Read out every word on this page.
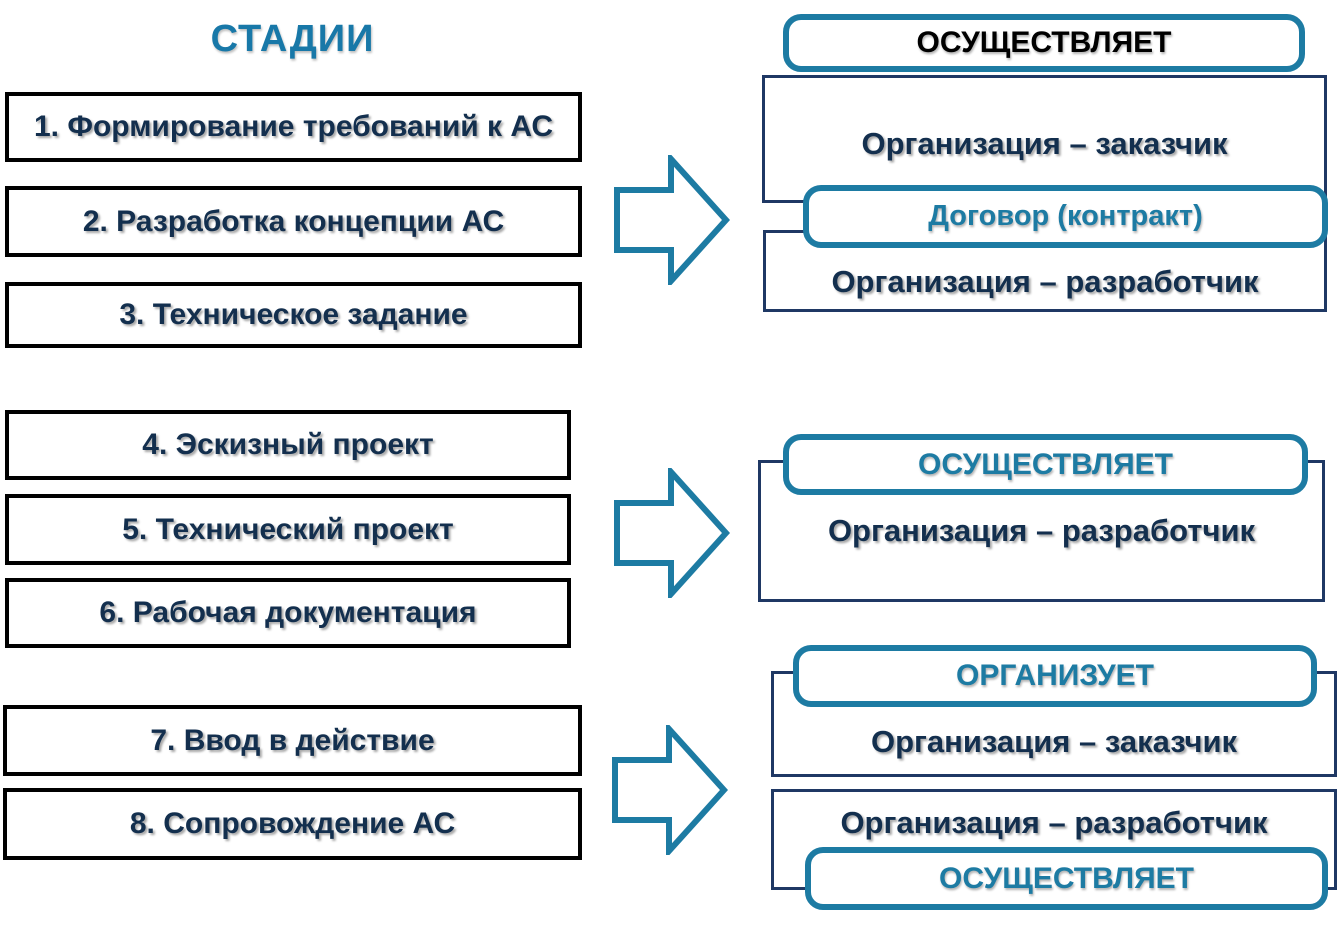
СТАДИИ
1. Формирование требований к АС
2. Разработка концепции АС
3. Техническое задание
4. Эскизный проект
5. Технический проект
6. Рабочая документация
7. Ввод в действие
8. Сопровождение АС
Организация – заказчик
Организация – разработчик
ОСУЩЕСТВЛЯЕТ
Договор (контракт)
Организация – разработчик
ОСУЩЕСТВЛЯЕТ
Организация – заказчик
Организация – разработчик
ОРГАНИЗУЕТ
ОСУЩЕСТВЛЯЕТ
